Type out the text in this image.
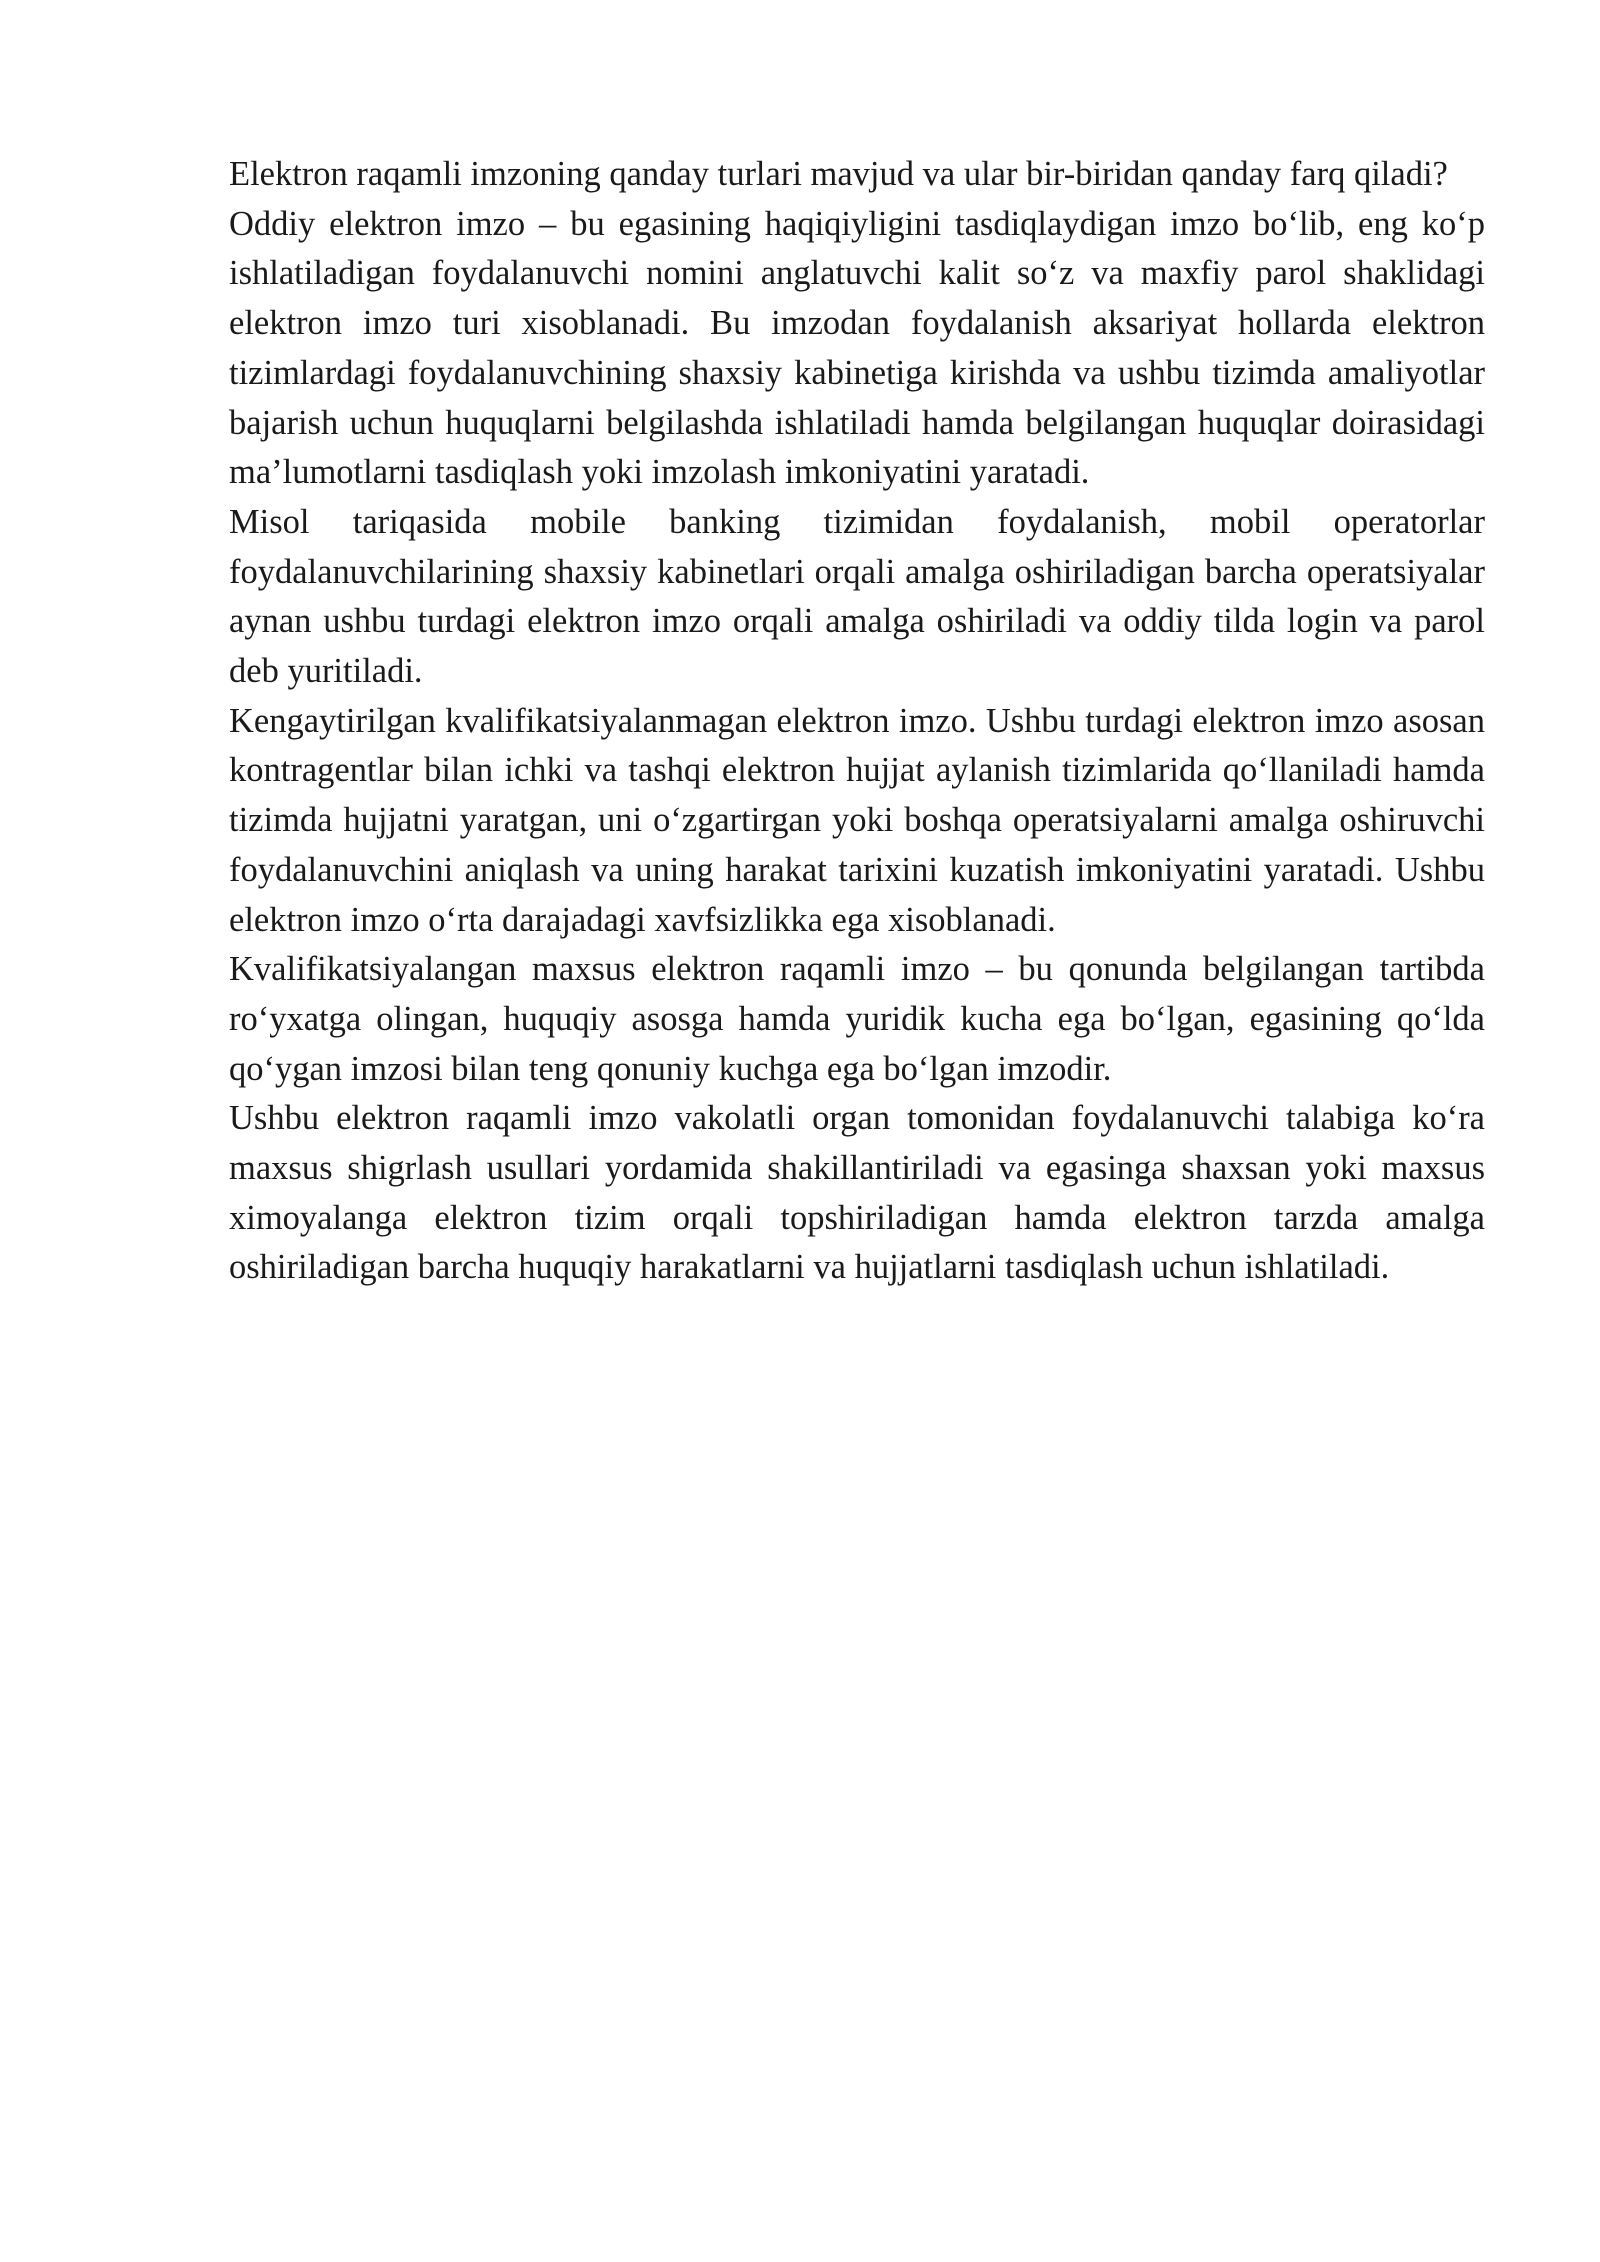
Elektron raqamli imzoning qanday turlari mavjud va ular bir-biridan qanday farq qiladi?

Oddiy elektron imzo – bu egasining haqiqiyligini tasdiqlaydigan imzo bo‘lib, eng ko‘p ishlatiladigan foydalanuvchi nomini anglatuvchi kalit so‘z va maxfiy parol shaklidagi elektron imzo turi xisoblanadi. Bu imzodan foydalanish aksariyat hollarda elektron tizimlardagi foydalanuvchining shaxsiy kabinetiga kirishda va ushbu tizimda amaliyotlar bajarish uchun huquqlarni belgilashda ishlatiladi hamda belgilangan huquqlar doirasidagi ma’lumotlarni tasdiqlash yoki imzolash imkoniyatini yaratadi.

Misol tariqasida mobile banking tizimidan foydalanish, mobil operatorlar foydalanuvchilarining shaxsiy kabinetlari orqali amalga oshiriladigan barcha operatsiyalar aynan ushbu turdagi elektron imzo orqali amalga oshiriladi va oddiy tilda login va parol deb yuritiladi.

Kengaytirilgan kvalifikatsiyalanmagan elektron imzo. Ushbu turdagi elektron imzo asosan kontragentlar bilan ichki va tashqi elektron hujjat aylanish tizimlarida qo‘llaniladi hamda tizimda hujjatni yaratgan, uni o‘zgartirgan yoki boshqa operatsiyalarni amalga oshiruvchi foydalanuvchini aniqlash va uning harakat tarixini kuzatish imkoniyatini yaratadi. Ushbu elektron imzo o‘rta darajadagi xavfsizlikka ega xisoblanadi.

Kvalifikatsiyalangan maxsus elektron raqamli imzo – bu qonunda belgilangan tartibda ro‘yxatga olingan, huquqiy asosga hamda yuridik kucha ega bo‘lgan, egasining qo‘lda qo‘ygan imzosi bilan teng qonuniy kuchga ega bo‘lgan imzodir.

Ushbu elektron raqamli imzo vakolatli organ tomonidan foydalanuvchi talabiga ko‘ra maxsus shigrlash usullari yordamida shakillantiriladi va egasinga shaxsan yoki maxsus ximoyalanga elektron tizim orqali topshiriladigan hamda elektron tarzda amalga oshiriladigan barcha huquqiy harakatlarni va hujjatlarni tasdiqlash uchun ishlatiladi.
